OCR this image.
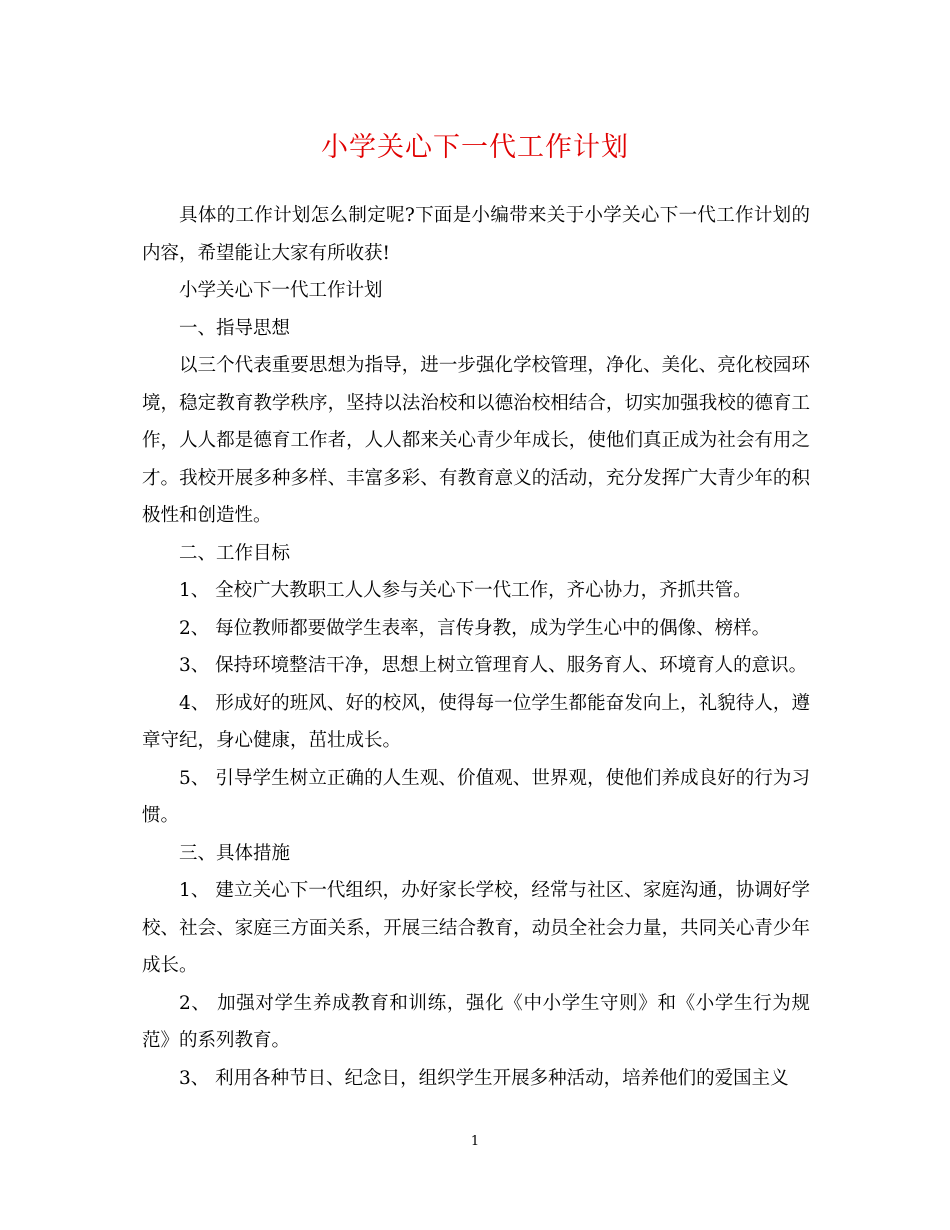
小学关心下一代工作计划

具体的工作计划怎么制定呢?下面是小编带来关于小学关心下一代工作计划的内容，希望能让大家有所收获!

小学关心下一代工作计划

一、指导思想

以三个代表重要思想为指导，进一步强化学校管理，净化、美化、亮化校园环境，稳定教育教学秩序，坚持以法治校和以德治校相结合，切实加强我校的德育工作，人人都是德育工作者，人人都来关心青少年成长，使他们真正成为社会有用之才。我校开展多种多样、丰富多彩、有教育意义的活动，充分发挥广大青少年的积极性和创造性。

二、工作目标

1、 全校广大教职工人人参与关心下一代工作，齐心协力，齐抓共管。

2、 每位教师都要做学生表率，言传身教，成为学生心中的偶像、榜样。

3、 保持环境整洁干净，思想上树立管理育人、服务育人、环境育人的意识。

4、 形成好的班风、好的校风，使得每一位学生都能奋发向上，礼貌待人，遵章守纪，身心健康，茁壮成长。

5、 引导学生树立正确的人生观、价值观、世界观，使他们养成良好的行为习惯。

三、具体措施

1、 建立关心下一代组织，办好家长学校，经常与社区、家庭沟通，协调好学校、社会、家庭三方面关系，开展三结合教育，动员全社会力量，共同关心青少年成长。

2、 加强对学生养成教育和训练，强化《中小学生守则》和《小学生行为规范》的系列教育。

3、 利用各种节日、纪念日，组织学生开展多种活动，培养他们的爱国主义

1
